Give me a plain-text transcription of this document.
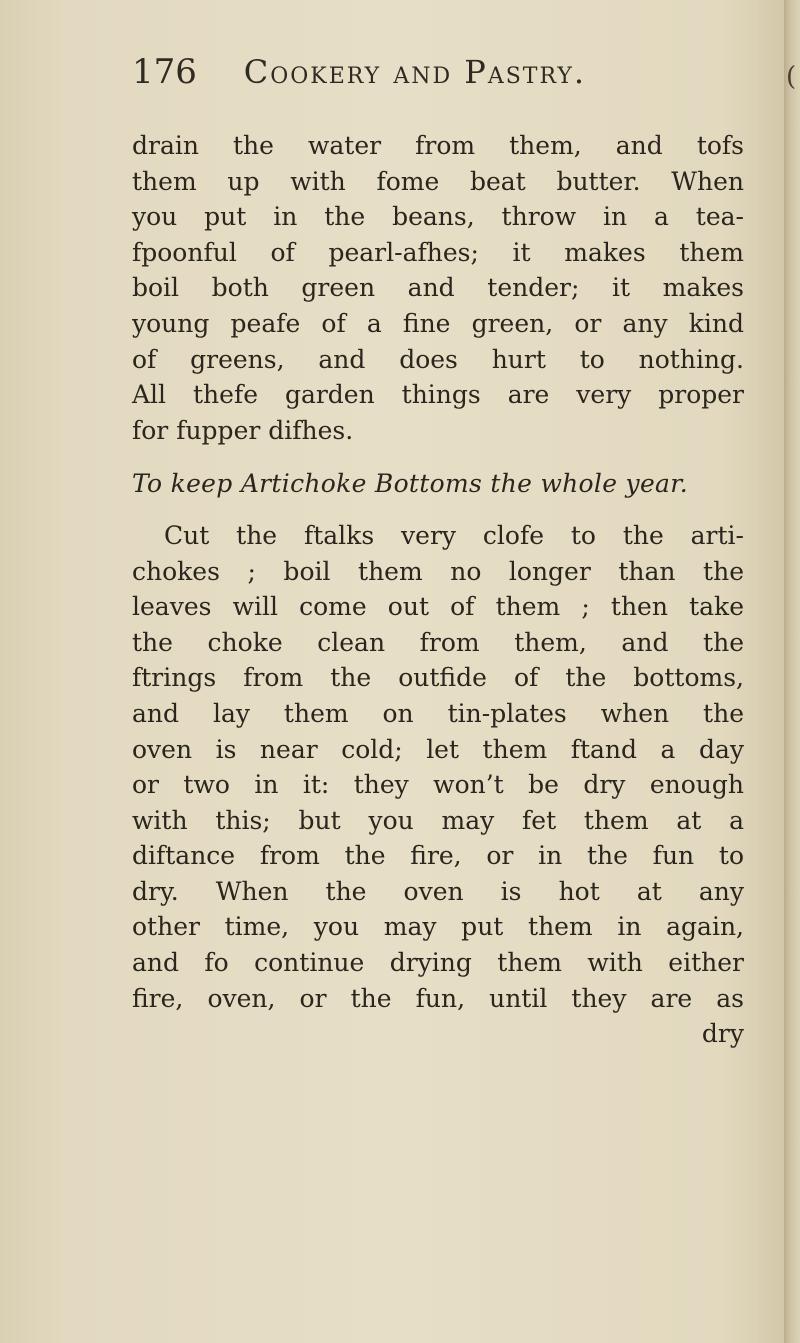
176 Cookery and Pastry.
drain the water from them, and tofs
them up with fome beat butter. When
you put in the beans, throw in a tea-
fpoonful of pearl-afhes; it makes them
boil both green and tender; it makes
young peafe of a fine green, or any kind
of greens, and does hurt to nothing.
All thefe garden things are very proper
for fupper difhes.
To keep Artichoke Bottoms the whole year.
Cut the ftalks very clofe to the arti-
chokes ; boil them no longer than the
leaves will come out of them ; then take
the choke clean from them, and the
ftrings from the outfide of the bottoms,
and lay them on tin-plates when the
oven is near cold; let them ftand a day
or two in it: they won’t be dry enough
with this; but you may fet them at a
diftance from the fire, or in the fun to
dry. When the oven is hot at any
other time, you may put them in again,
and fo continue drying them with either
fire, oven, or the fun, until they are as
dry
(
